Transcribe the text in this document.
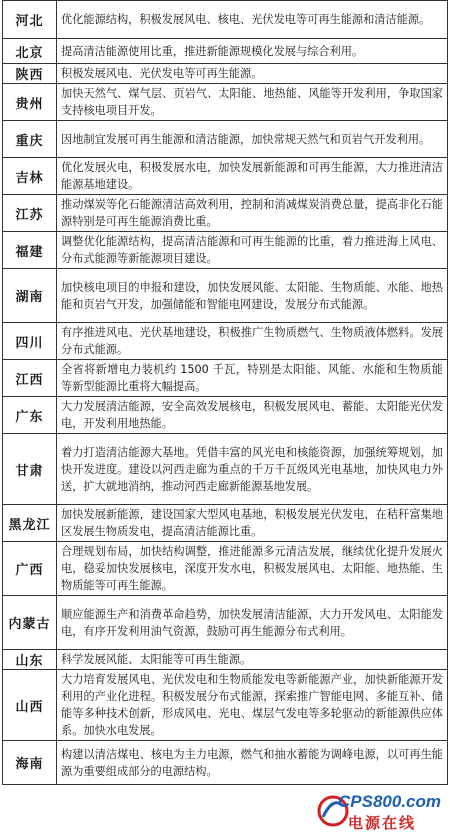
河北	优化能源结构，积极发展风电、核电、光伏发电等可再生能源和清洁能源。
北京	提高清洁能源使用比重，推进新能源规模化发展与综合利用。
陕西	积极发展风电、光伏发电等可再生能源。
贵州	加快天然气、煤气层、页岩气、太阳能、地热能、风能等开发利用，争取国家支持核电项目开发。
重庆	因地制宜发展可再生能源和清洁能源，加快常规天然气和页岩气开发利用。
吉林	优化发展火电，积极发展水电，加快发展新能源和可再生能源，大力推进清洁能源基地建设。
江苏	推动煤炭等化石能源清洁高效利用，控制和消减煤炭消费总量，提高非化石能源特别是可再生能源消费比重。
福建	调整优化能源结构，提高清洁能源和可再生能源的比重，着力推进海上风电、分布式能源等新能源项目建设。
湖南	加快核电项目的申报和建设，加快发展风能、太阳能、生物质能、水能、地热能和页岩气开发，加强储能和智能电网建设，发展分布式能源。
四川	有序推进风电、光伏基地建设，积极推广生物质燃气、生物质液体燃料。发展分布式能源。
江西	全省将新增电力装机约 1500 千瓦，特别是太阳能、风能、水能和生物质能等新型能源比重将大幅提高。
广东	大力发展清洁能源，安全高效发展核电，积极发展风电、蓄能、太阳能光伏发电，开发利用地热能。
甘肃	着力打造清洁能源大基地。凭借丰富的风光电和核能资源，加强统筹规划，加快开发进度。建设以河西走廊为重点的千万千瓦级风光电基地，加快风电力外送，扩大就地消纳，推动河西走廊新能源基地发展。
黑龙江	加快发展新能源，建设国家大型风电基地，积极发展光伏发电，在秸秆富集地区发展生物质发电，提高清洁能源比重。
广西	合理规划布局，加快结构调整，推进能源多元清洁发展，继续优化提升发展火电，稳妥加快发展核电，深度开发水电，积极发展风电、太阳能、地热能、生物质能等可再生能源。
内蒙古	顺应能源生产和消费革命趋势，加快发展清洁能源，大力开发风电、太阳能发电，有序开发利用油气资源，鼓励可再生能源分布式利用。
山东	科学发展风能、太阳能等可再生能源。
山西	大力培育发展风电、光伏发电和生物质能发电等新能源产业，加快新能源开发利用的产业化进程。积极发展分布式能源，探索推广智能电网、多能互补、储能等多种技术创新，形成风电、光电、煤层气发电等多轮驱动的新能源供应体系。加快水电发展。
海南	构建以清洁煤电、核电为主力电源，燃气和抽水蓄能为调峰电源，以可再生能源为重要组成部分的电源结构。
CPS800.com
电源在线
